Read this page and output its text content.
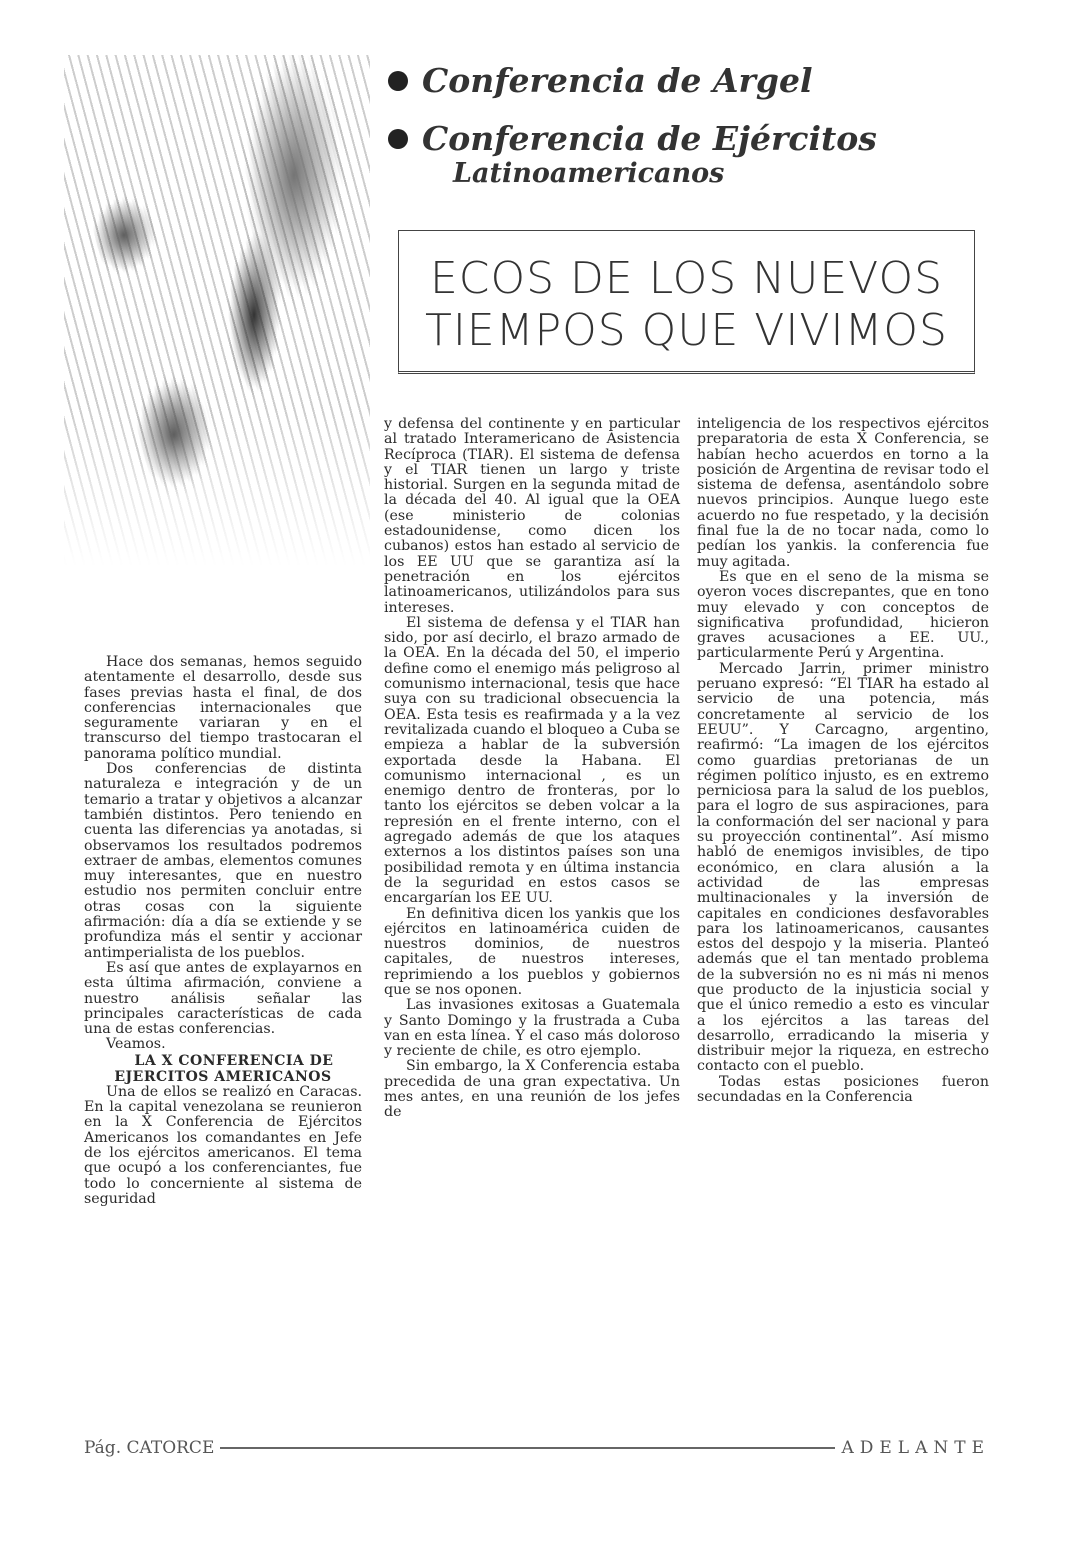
Conferencia de Argel
Conferencia de Ejércitos
Latinoamericanos
ECOS DE LOS NUEVOS
TIEMPOS QUE VIVIMOS

Hace dos semanas, hemos seguido atentamente el desarrollo, desde sus fases previas hasta el final, de dos conferencias internacionales que seguramente variaran y en el transcurso del tiempo trastocaran el panorama político mundial.

Dos conferencias de distinta naturaleza e integración y de un temario a tratar y objetivos a alcanzar también distintos. Pero teniendo en cuenta las diferencias ya anotadas, si observamos los resultados podremos extraer de ambas, elementos comunes muy interesantes, que en nuestro estudio nos permiten concluir entre otras cosas con la siguiente afirmación: día a día se extiende y se profundiza más el sentir y accionar antimperialista de los pueblos.

Es así que antes de explayarnos en esta última afirmación, conviene a nuestro análisis señalar las principales características de cada una de estas conferencias.

Veamos.

LA X CONFERENCIA DE
EJERCITOS AMERICANOS

Una de ellos se realizó en Caracas. En la capital venezolana se reunieron en la X Conferencia de Ejércitos Americanos los comandantes en Jefe de los ejércitos americanos. El tema que ocupó a los conferenciantes, fue todo lo concerniente al sistema de seguridad

y defensa del continente y en particular al tratado Interamericano de Asistencia Recíproca (TIAR). El sistema de defensa y el TIAR tienen un largo y triste historial. Surgen en la segunda mitad de la década del 40. Al igual que la OEA (ese ministerio de colonias estadounidense, como dicen los cubanos) estos han estado al servicio de los EE UU que se garantiza así la penetración en los ejércitos latinoamericanos, utilizándolos para sus intereses.

El sistema de defensa y el TIAR han sido, por así decirlo, el brazo armado de la OEA. En la década del 50, el imperio define como el enemigo más peligroso al comunismo internacional, tesis que hace suya con su tradicional obsecuencia la OEA. Esta tesis es reafirmada y a la vez revitalizada cuando el bloqueo a Cuba se empieza a hablar de la subversión exportada desde la Habana. El comunismo internacional , es un enemigo dentro de fronteras, por lo tanto los ejércitos se deben volcar a la represión en el frente interno, con el agregado además de que los ataques externos a los distintos países son una posibilidad remota y en última instancia de la seguridad en estos casos se encargarían los EE UU.

En definitiva dicen los yankis que los ejércitos en latinoamérica cuiden de nuestros dominios, de nuestros capitales, de nuestros intereses, reprimiendo a los pueblos y gobiernos que se nos oponen.

Las invasiones exitosas a Guatemala y Santo Domingo y la frustrada a Cuba van en esta línea. Y el caso más doloroso y reciente de chile, es otro ejemplo.

Sin embargo, la X Conferencia estaba precedida de una gran expectativa. Un mes antes, en una reunión de los jefes de

inteligencia de los respectivos ejércitos preparatoria de esta X Conferencia, se habían hecho acuerdos en torno a la posición de Argentina de revisar todo el sistema de defensa, asentándolo sobre nuevos principios. Aunque luego este acuerdo no fue respetado, y la decisión final fue la de no tocar nada, como lo pedían los yankis. la conferencia fue muy agitada.

Es que en el seno de la misma se oyeron voces discrepantes, que en tono muy elevado y con conceptos de significativa profundidad, hicieron graves acusaciones a EE. UU., particularmente Perú y Argentina.

Mercado Jarrin, primer ministro peruano expresó: “El TIAR ha estado al servicio de una potencia, más concretamente al servicio de los EEUU”. Y Carcagno, argentino, reafirmó: “La imagen de los ejércitos como guardias pretorianas de un régimen político injusto, es en extremo perniciosa para la salud de los pueblos, para el logro de sus aspiraciones, para la conformación del ser nacional y para su proyección continental”. Así mismo habló de enemigos invisibles, de tipo económico, en clara alusión a la actividad de las empresas multinacionales y la inversión de capitales en condiciones desfavorables para los latinoamericanos, causantes estos del despojo y la miseria. Planteó además que el tan mentado problema de la subversión no es ni más ni menos que producto de la injusticia social y que el único remedio a esto es vincular a los ejércitos a las tareas del desarrollo, erradicando la miseria y distribuir mejor la riqueza, en estrecho contacto con el pueblo.

Todas estas posiciones fueron secundadas en la Conferencia

Pág. CATORCE	ADELANTE
